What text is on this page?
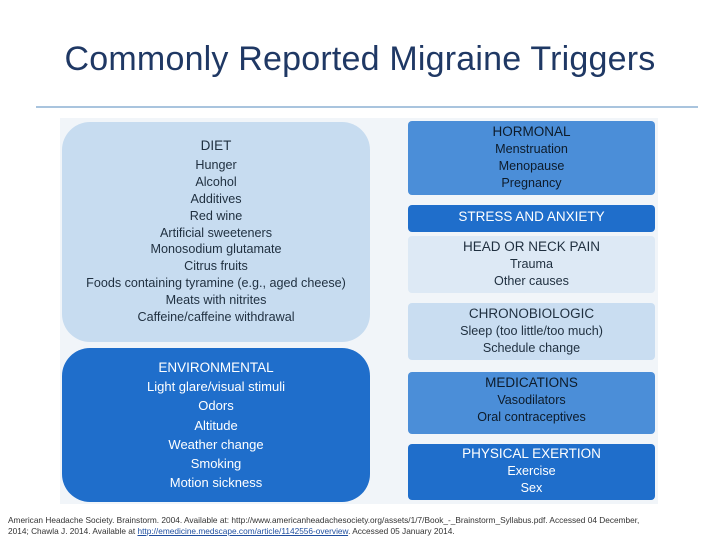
Commonly Reported Migraine Triggers
DIET
Hunger
Alcohol
Additives
Red wine
Artificial sweeteners
Monosodium glutamate
Citrus fruits
Foods containing tyramine (e.g., aged cheese)
Meats with nitrites
Caffeine/caffeine withdrawal
ENVIRONMENTAL
Light glare/visual stimuli
Odors
Altitude
Weather change
Smoking
Motion sickness
HORMONAL
Menstruation
Menopause
Pregnancy
STRESS AND ANXIETY
HEAD OR NECK PAIN
Trauma
Other causes
CHRONOBIOLOGIC
Sleep (too little/too much)
Schedule change
MEDICATIONS
Vasodilators
Oral contraceptives
PHYSICAL EXERTION
Exercise
Sex
American Headache Society. Brainstorm. 2004. Available at: http://www.americanheadachesociety.org/assets/1/7/Book_-_Brainstorm_Syllabus.pdf. Accessed 04 December,
2014; Chawla J. 2014. Available at http://emedicine.medscape.com/article/1142556-overview. Accessed 05 January 2014.
